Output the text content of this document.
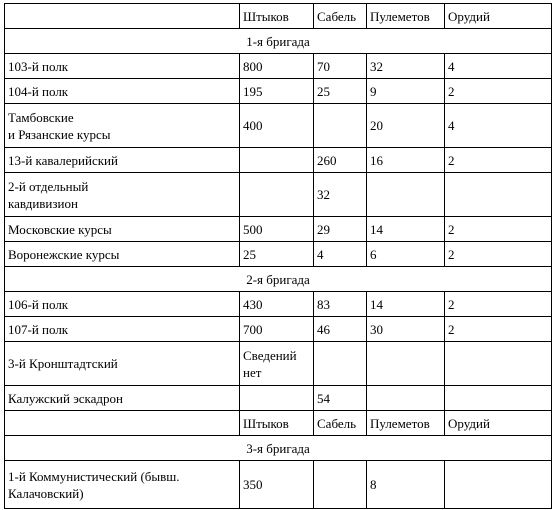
	Штыков	Сабель	Пулеметов	Орудий
1-я бригада				
103-й полк	800	70	32	4
104-й полк	195	25	9	2
Тамбовские
и Рязанские курсы	400		20	4
13-й кавалерийский		260	16	2
2-й отдельный кавдивизион		32		
Московские курсы	500	29	14	2
Воронежские курсы	25	4	6	2
2-я бригада				
106-й полк	430	83	14	2
107-й полк	700	46	30	2
3-й Кронштадтский	Сведений нет			
Калужский эскадрон		54		
	Штыков	Сабель	Пулеметов	Орудий
3-я бригада				
1-й Коммунистический (бывш. Калачовский)	350		8	
